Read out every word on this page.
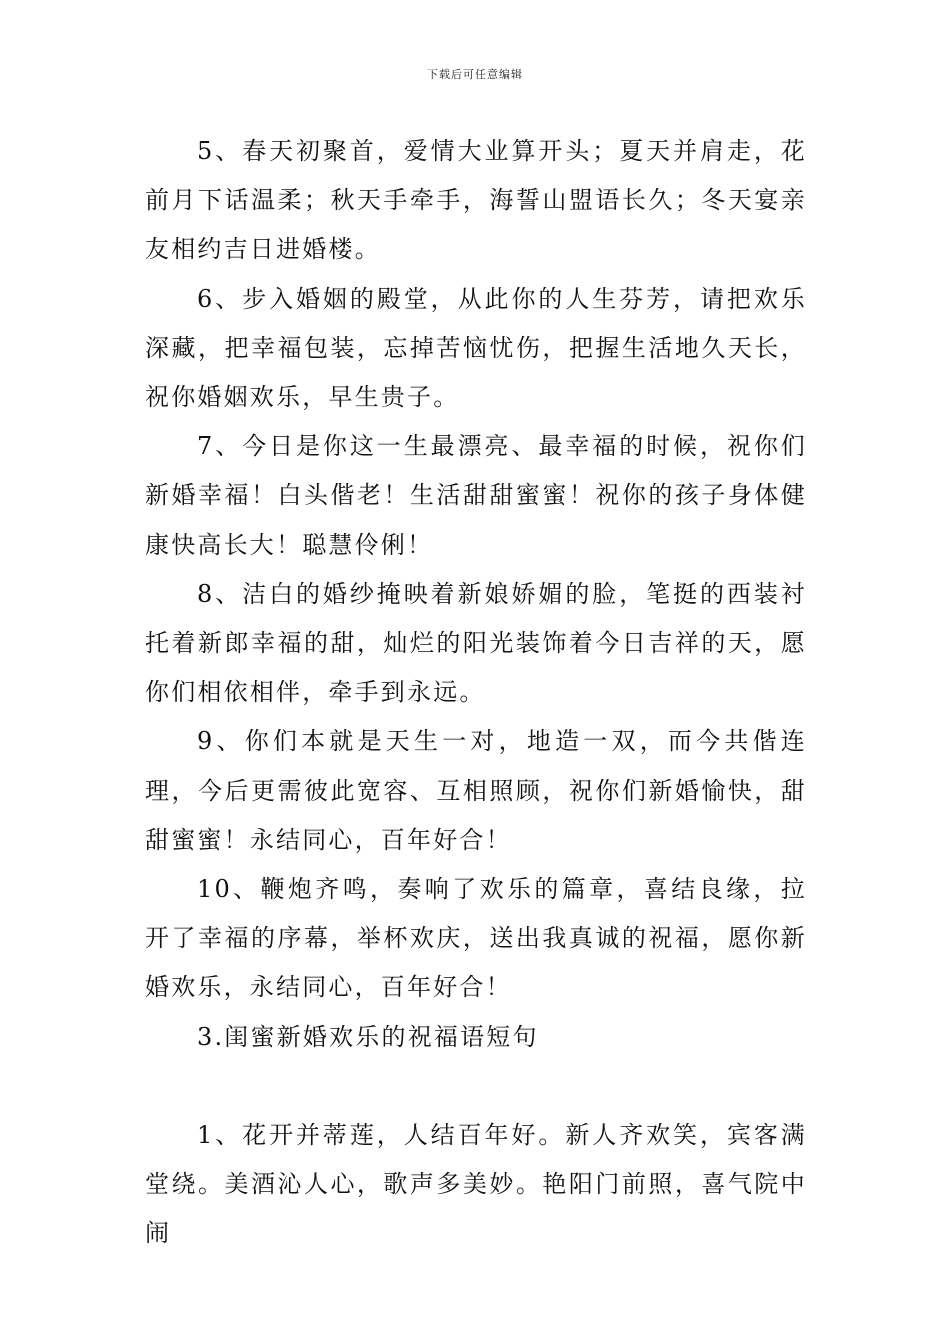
下载后可任意编辑

5、春天初聚首，爱情大业算开头；夏天并肩走，花前月下话温柔；秋天手牵手，海誓山盟语长久；冬天宴亲友相约吉日进婚楼。

6、步入婚姻的殿堂，从此你的人生芬芳，请把欢乐深藏，把幸福包装，忘掉苦恼忧伤，把握生活地久天长，祝你婚姻欢乐，早生贵子。

7、今日是你这一生最漂亮、最幸福的时候，祝你们新婚幸福！白头偕老！生活甜甜蜜蜜！祝你的孩子身体健康快高长大！聪慧伶俐！

8、洁白的婚纱掩映着新娘娇媚的脸，笔挺的西装衬托着新郎幸福的甜，灿烂的阳光装饰着今日吉祥的天，愿你们相依相伴，牵手到永远。

9、你们本就是天生一对，地造一双，而今共偕连理，今后更需彼此宽容、互相照顾，祝你们新婚愉快，甜甜蜜蜜！永结同心，百年好合！

10、鞭炮齐鸣，奏响了欢乐的篇章，喜结良缘，拉开了幸福的序幕，举杯欢庆，送出我真诚的祝福，愿你新婚欢乐，永结同心，百年好合！

3.闺蜜新婚欢乐的祝福语短句

1、花开并蒂莲，人结百年好。新人齐欢笑，宾客满堂绕。美酒沁人心，歌声多美妙。艳阳门前照，喜气院中闹
